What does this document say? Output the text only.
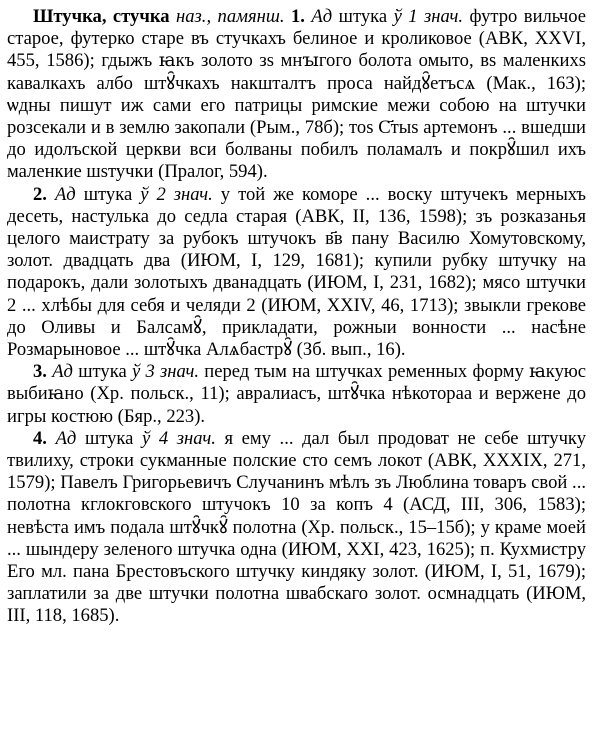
Штучка, стучка наз., памянш. 1. Ад штука ў 1 знач. футро вильчое старое, футерко старе въ стучкахъ белиное и кроликовое (АВК, XXVI, 455, 1586); гдыжъ ꙗкъ золото зѕ мнꙑгого болота омыто, вѕ маленкихѕ кавалкахъ албо штꙋ̑чкахъ накшталтъ проса найдꙋ̑етъсѧ (Мак., 163); ѡдны пишут иж сами его патрицы римские межи собою на штучки розсекали и в землю закопали (Рым., 78б); тоѕ С҃тыѕ артемонъ ... вшедши до идолъской церкви вси болваны побилъ поламалъ и покрꙋ̑шил ихъ маленкие шѕтучки (Пралог, 594).

2. Ад штука ў 2 знач. у той же коморе ... воску штучекъ мерныхъ десеть, настулька до седла старая (АВК, II, 136, 1598); зъ розказанья целого маистрату за рубокъ штучокъ в҃в пану Василю Хомутовскому, золот. двадцать два (ИЮМ, I, 129, 1681); купили рубку штучку на подарокъ, дали золотыхъ дванадцать (ИЮМ, I, 231, 1682); мясо штучки 2 ... хлѣбы для себя и челяди 2 (ИЮМ, XXIV, 46, 1713); звыкли грекове до Оливы и Балсамꙋ̑, прикладати, рожныи вонности ... насѣне Розмарыновое ... штꙋ̑чка Алѧбастрꙋ̑ (Зб. вып., 16).

3. Ад штука ў 3 знач. перед тым на штучках ременных форму ꙗкуюс выбиꙗно (Хр. польск., 11); авралиасъ, штꙋ̑чка нѣкотораа и вержене до игры костюю (Бяр., 223).

4. Ад штука ў 4 знач. я ему ... дал был продоват не себе штучку твилиху, строки сукманные полские сто семъ локот (АВК, XXXIX, 271, 1579); Павелъ Григорьевичъ Случанинъ мѣлъ зъ Люблина товаръ свой ... полотна кглокговского штучокъ 10 за копъ 4 (АСД, III, 306, 1583); невѣста имъ подала штꙋ̑чкꙋ̑ полотна (Хр. польск., 15–15б); у краме моей ... шындеру зеленого штучка одна (ИЮМ, XXI, 423, 1625); п. Кухмистру Его мл. пана Брестовъского штучку киндяку золот. (ИЮМ, I, 51, 1679); заплатили за две штучки полотна швабскаго золот. осмнадцать (ИЮМ, III, 118, 1685).
